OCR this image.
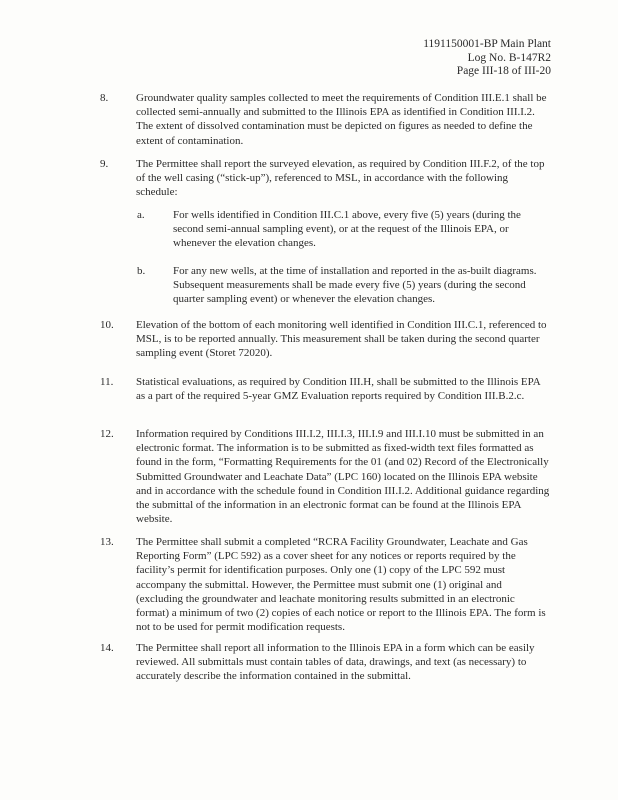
1191150001-BP Main Plant
Log No. B-147R2
Page III-18 of III-20
8.	Groundwater quality samples collected to meet the requirements of Condition III.E.1 shall be collected semi-annually and submitted to the Illinois EPA as identified in Condition III.I.2. The extent of dissolved contamination must be depicted on figures as needed to define the extent of contamination.
9.	The Permittee shall report the surveyed elevation, as required by Condition III.F.2, of the top of the well casing (“stick-up”), referenced to MSL, in accordance with the following schedule:
a.	For wells identified in Condition III.C.1 above, every five (5) years (during the second semi-annual sampling event), or at the request of the Illinois EPA, or whenever the elevation changes.
b.	For any new wells, at the time of installation and reported in the as-built diagrams. Subsequent measurements shall be made every five (5) years (during the second quarter sampling event) or whenever the elevation changes.
10.	Elevation of the bottom of each monitoring well identified in Condition III.C.1, referenced to MSL, is to be reported annually. This measurement shall be taken during the second quarter sampling event (Storet 72020).
11.	Statistical evaluations, as required by Condition III.H, shall be submitted to the Illinois EPA as a part of the required 5-year GMZ Evaluation reports required by Condition III.B.2.c.
12.	Information required by Conditions III.I.2, III.I.3, III.I.9 and III.I.10 must be submitted in an electronic format. The information is to be submitted as fixed-width text files formatted as found in the form, “Formatting Requirements for the 01 (and 02) Record of the Electronically Submitted Groundwater and Leachate Data” (LPC 160) located on the Illinois EPA website and in accordance with the schedule found in Condition III.I.2. Additional guidance regarding the submittal of the information in an electronic format can be found at the Illinois EPA website.
13.	The Permittee shall submit a completed “RCRA Facility Groundwater, Leachate and Gas Reporting Form” (LPC 592) as a cover sheet for any notices or reports required by the facility’s permit for identification purposes. Only one (1) copy of the LPC 592 must accompany the submittal. However, the Permittee must submit one (1) original and (excluding the groundwater and leachate monitoring results submitted in an electronic format) a minimum of two (2) copies of each notice or report to the Illinois EPA. The form is not to be used for permit modification requests.
14.	The Permittee shall report all information to the Illinois EPA in a form which can be easily reviewed. All submittals must contain tables of data, drawings, and text (as necessary) to accurately describe the information contained in the submittal.
